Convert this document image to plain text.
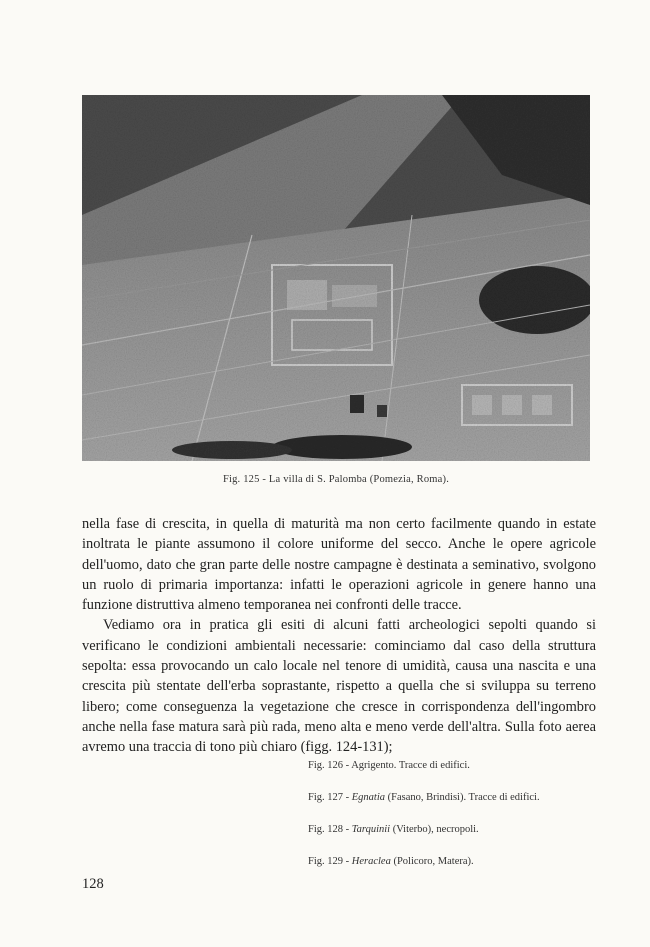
Fig. 125 - La villa di S. Palomba (Pomezia, Roma).

nella fase di crescita, in quella di maturità ma non certo facilmente quando in estate inoltrata le piante assumono il colore uniforme del secco. Anche le opere agricole dell'uomo, dato che gran parte delle nostre campagne è destinata a seminativo, svolgono un ruolo di primaria importanza: infatti le operazioni agricole in genere hanno una funzione distruttiva almeno temporanea nei confronti delle tracce.

Vediamo ora in pratica gli esiti di alcuni fatti archeologici sepolti quando si verificano le condizioni ambientali necessarie: cominciamo dal caso della struttura sepolta: essa provocando un calo locale nel tenore di umidità, causa una nascita e una crescita più stentate dell'erba soprastante, rispetto a quella che si sviluppa su terreno libero; come conseguenza la vegetazione che cresce in corrispondenza dell'ingombro anche nella fase matura sarà più rada, meno alta e meno verde dell'altra. Sulla foto aerea avremo una traccia di tono più chiaro (figg. 124-131);

Fig. 126 - Agrigento. Tracce di edifici.
Fig. 127 - Egnatia (Fasano, Brindisi). Tracce di edifici.
Fig. 128 - Tarquinii (Viterbo), necropoli.
Fig. 129 - Heraclea (Policoro, Matera).
128
